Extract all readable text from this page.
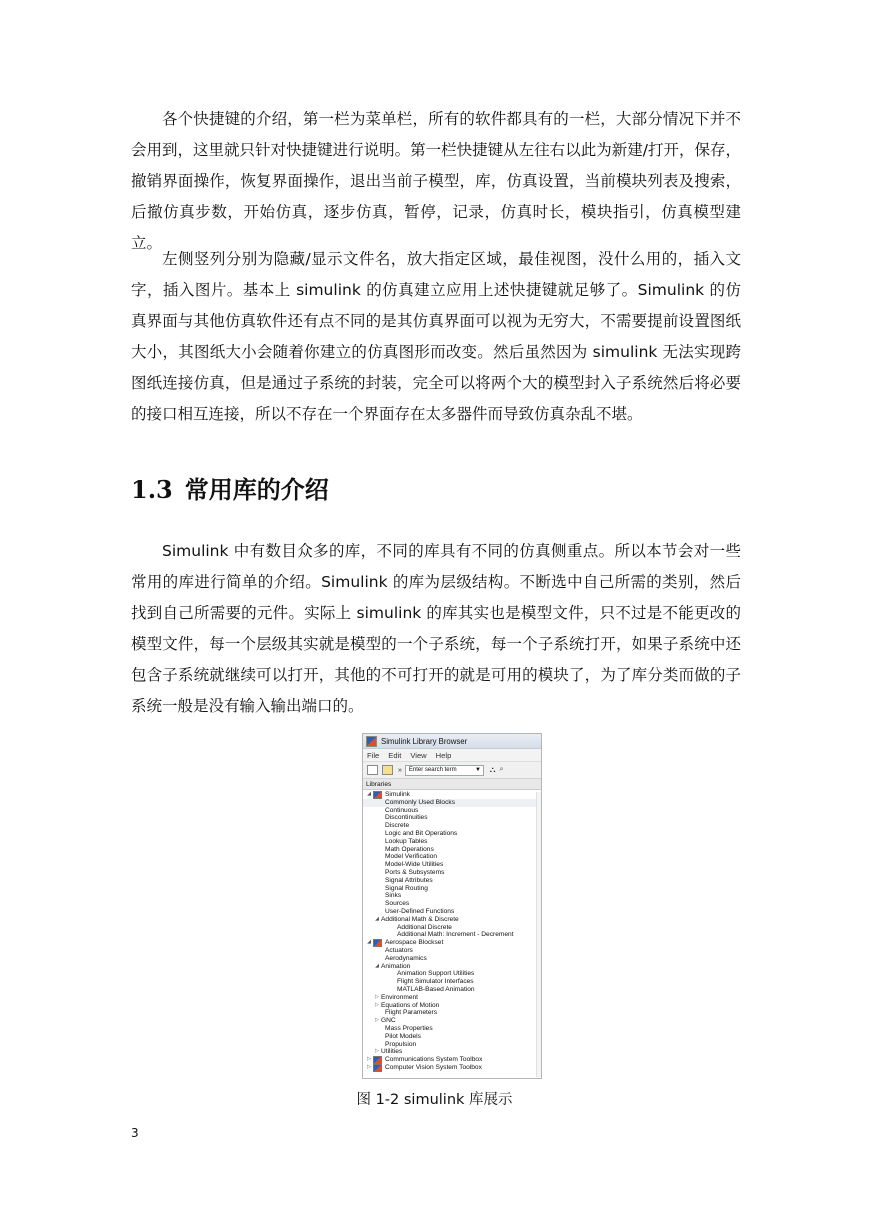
各个快捷键的介绍，第一栏为菜单栏，所有的软件都具有的一栏，大部分情况下并不会用到，这里就只针对快捷键进行说明。第一栏快捷键从左往右以此为新建/打开，保存，撤销界面操作，恢复界面操作，退出当前子模型，库，仿真设置，当前模块列表及搜索，后撤仿真步数，开始仿真，逐步仿真，暂停，记录，仿真时长，模块指引，仿真模型建立。

左侧竖列分别为隐藏/显示文件名，放大指定区域，最佳视图，没什么用的，插入文字，插入图片。基本上 simulink 的仿真建立应用上述快捷键就足够了。Simulink 的仿真界面与其他仿真软件还有点不同的是其仿真界面可以视为无穷大，不需要提前设置图纸大小，其图纸大小会随着你建立的仿真图形而改变。然后虽然因为 simulink 无法实现跨图纸连接仿真，但是通过子系统的封装，完全可以将两个大的模型封入子系统然后将必要的接口相互连接，所以不存在一个界面存在太多器件而导致仿真杂乱不堪。

1.3 常用库的介绍

Simulink 中有数目众多的库，不同的库具有不同的仿真侧重点。所以本节会对一些常用的库进行简单的介绍。Simulink 的库为层级结构。不断选中自己所需的类别，然后找到自己所需要的元件。实际上 simulink 的库其实也是模型文件，只不过是不能更改的模型文件，每一个层级其实就是模型的一个子系统，每一个子系统打开，如果子系统中还包含子系统就继续可以打开，其他的不可打开的就是可用的模块了，为了库分类而做的子系统一般是没有输入输出端口的。

Simulink Library Browser
File Edit View Help
» Enter search term	▼ ⛬ ⌕
Libraries
◢	Simulink
Commonly Used Blocks
Continuous
Discontinuities
Discrete
Logic and Bit Operations
Lookup Tables
Math Operations
Model Verification
Model-Wide Utilities
Ports & Subsystems
Signal Attributes
Signal Routing
Sinks
Sources
User-Defined Functions
◢ Additional Math & Discrete
Additional Discrete
Additional Math: Increment - Decrement
◢	Aerospace Blockset
Actuators
Aerodynamics
◢ Animation
Animation Support Utilities
Flight Simulator Interfaces
MATLAB-Based Animation
▷ Environment
▷ Equations of Motion
Flight Parameters
▷ GNC
Mass Properties
Pilot Models
Propulsion
▷ Utilities
▷	Communications System Toolbox
▷	Computer Vision System Toolbox
图 1-2 simulink 库展示
3
